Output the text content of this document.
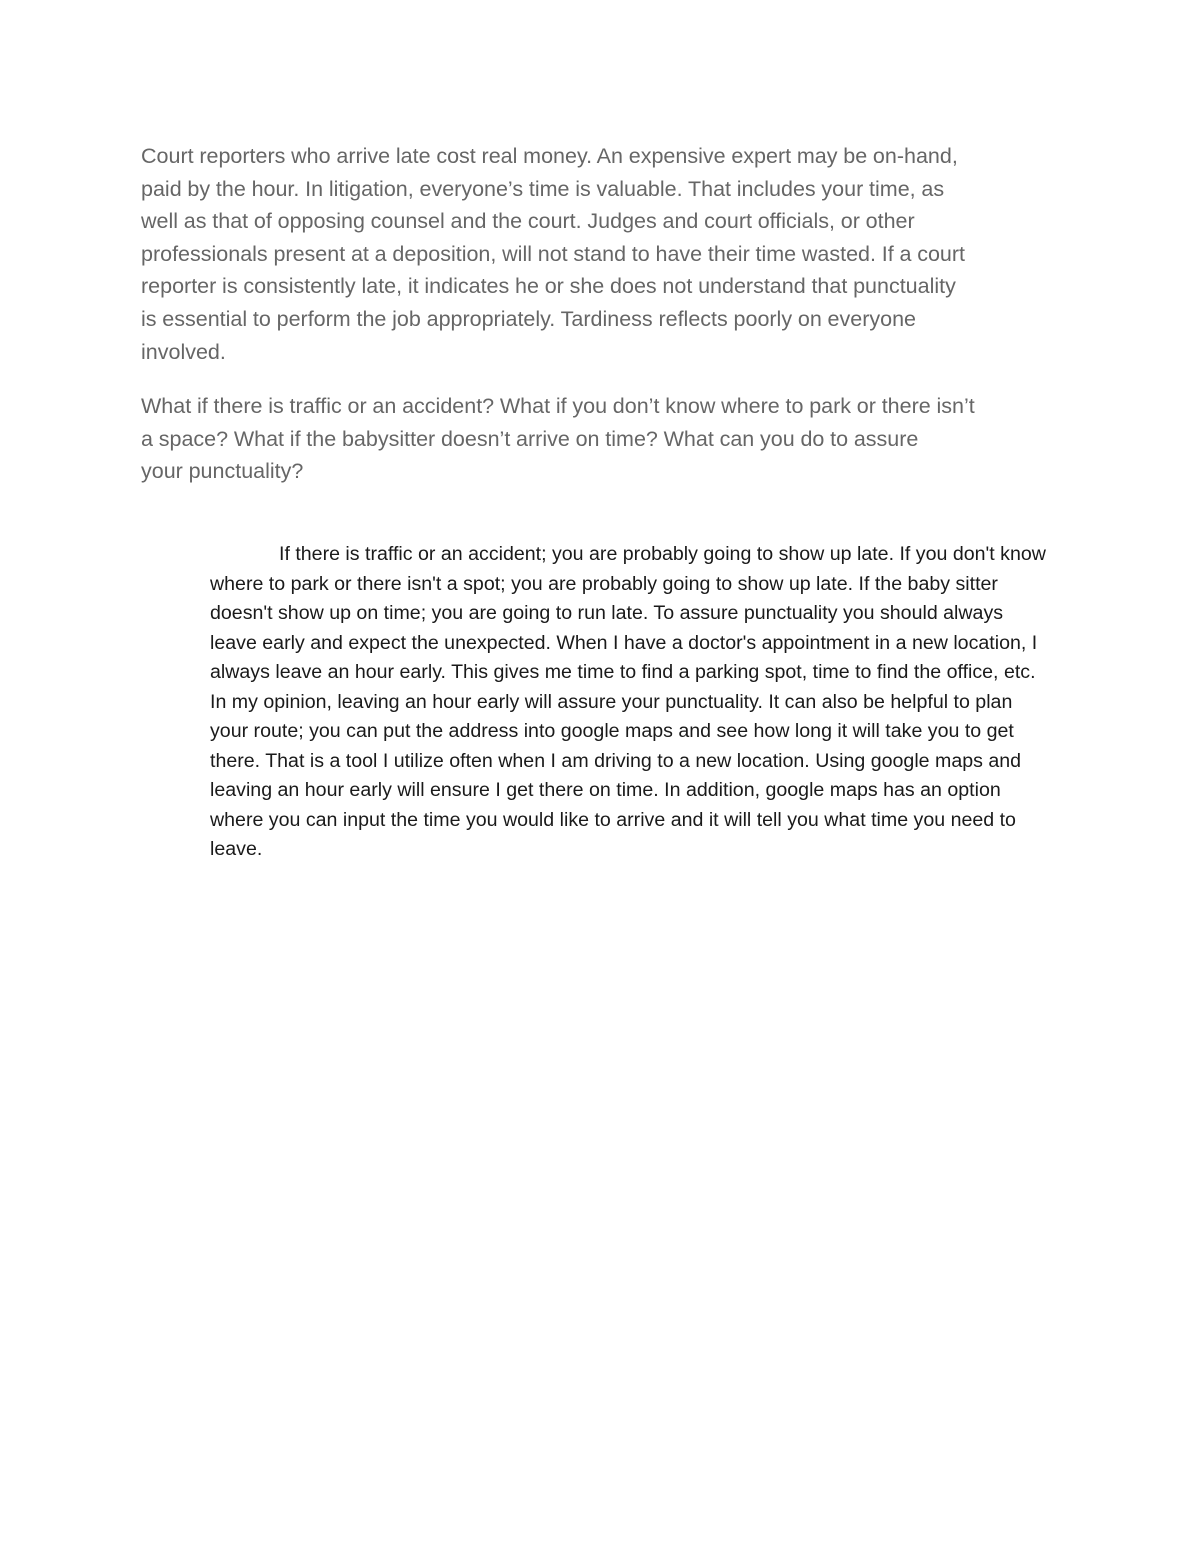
Court reporters who arrive late cost real money. An expensive expert may be on-hand,
paid by the hour. In litigation, everyone’s time is valuable. That includes your time, as
well as that of opposing counsel and the court. Judges and court officials, or other
professionals present at a deposition, will not stand to have their time wasted. If a court
reporter is consistently late, it indicates he or she does not understand that punctuality
is essential to perform the job appropriately. Tardiness reflects poorly on everyone
involved.

What if there is traffic or an accident? What if you don’t know where to park or there isn’t
a space? What if the babysitter doesn’t arrive on time? What can you do to assure
your punctuality?

If there is traffic or an accident; you are probably going to show up late. If you don't know
where to park or there isn't a spot; you are probably going to show up late. If the baby sitter
doesn't show up on time; you are going to run late. To assure punctuality you should always
leave early and expect the unexpected. When I have a doctor's appointment in a new location, I
always leave an hour early. This gives me time to find a parking spot, time to find the office, etc.
In my opinion, leaving an hour early will assure your punctuality. It can also be helpful to plan
your route; you can put the address into google maps and see how long it will take you to get
there. That is a tool I utilize often when I am driving to a new location. Using google maps and
leaving an hour early will ensure I get there on time. In addition, google maps has an option
where you can input the time you would like to arrive and it will tell you what time you need to
leave.
